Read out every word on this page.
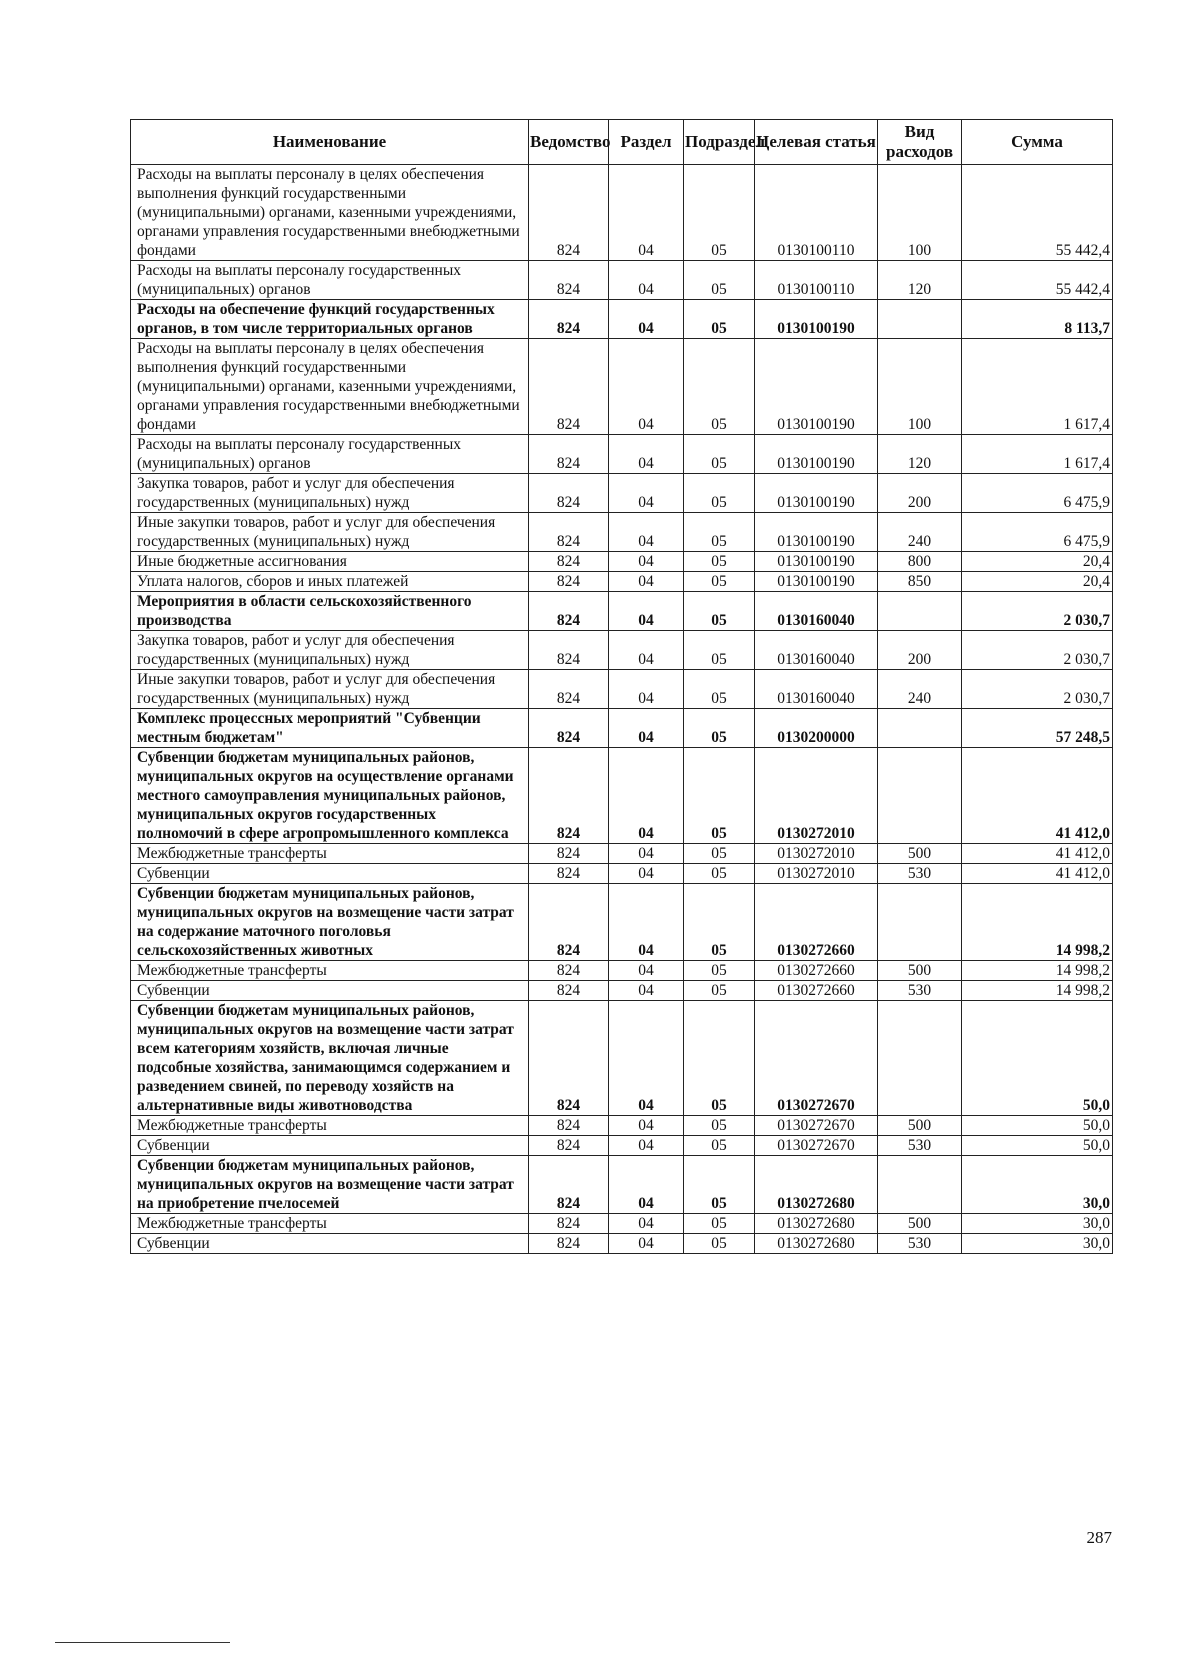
Наименование	Ведомство	Раздел	Подраздел	Целевая статья	Вид расходов	Сумма
Расходы на выплаты персоналу в целях обеспечения выполнения функций государственными (муниципальными) органами, казенными учреждениями, органами управления государственными внебюджетными фондами	824	04	05	0130100110	100	55 442,4
Расходы на выплаты персоналу государственных (муниципальных) органов	824	04	05	0130100110	120	55 442,4
Расходы на обеспечение функций государственных органов, в том числе территориальных органов	824	04	05	0130100190		8 113,7
Расходы на выплаты персоналу в целях обеспечения выполнения функций государственными (муниципальными) органами, казенными учреждениями, органами управления государственными внебюджетными фондами	824	04	05	0130100190	100	1 617,4
Расходы на выплаты персоналу государственных (муниципальных) органов	824	04	05	0130100190	120	1 617,4
Закупка товаров, работ и услуг для обеспечения государственных (муниципальных) нужд	824	04	05	0130100190	200	6 475,9
Иные закупки товаров, работ и услуг для обеспечения государственных (муниципальных) нужд	824	04	05	0130100190	240	6 475,9
Иные бюджетные ассигнования	824	04	05	0130100190	800	20,4
Уплата налогов, сборов и иных платежей	824	04	05	0130100190	850	20,4
Мероприятия в области сельскохозяйственного производства	824	04	05	0130160040		2 030,7
Закупка товаров, работ и услуг для обеспечения государственных (муниципальных) нужд	824	04	05	0130160040	200	2 030,7
Иные закупки товаров, работ и услуг для обеспечения государственных (муниципальных) нужд	824	04	05	0130160040	240	2 030,7
Комплекс процессных мероприятий "Субвенции местным бюджетам"	824	04	05	0130200000		57 248,5
Субвенции бюджетам муниципальных районов, муниципальных округов на осуществление органами местного самоуправления муниципальных районов, муниципальных округов государственных полномочий в сфере агропромышленного комплекса	824	04	05	0130272010		41 412,0
Межбюджетные трансферты	824	04	05	0130272010	500	41 412,0
Субвенции	824	04	05	0130272010	530	41 412,0
Субвенции бюджетам муниципальных районов, муниципальных округов на возмещение части затрат на содержание маточного поголовья сельскохозяйственных животных	824	04	05	0130272660		14 998,2
Межбюджетные трансферты	824	04	05	0130272660	500	14 998,2
Субвенции	824	04	05	0130272660	530	14 998,2
Субвенции бюджетам муниципальных районов, муниципальных округов на возмещение части затрат всем категориям хозяйств, включая личные подсобные хозяйства, занимающимся содержанием и разведением свиней, по переводу хозяйств на альтернативные виды животноводства	824	04	05	0130272670		50,0
Межбюджетные трансферты	824	04	05	0130272670	500	50,0
Субвенции	824	04	05	0130272670	530	50,0
Субвенции бюджетам муниципальных районов, муниципальных округов на возмещение части затрат на приобретение пчелосемей	824	04	05	0130272680		30,0
Межбюджетные трансферты	824	04	05	0130272680	500	30,0
Субвенции	824	04	05	0130272680	530	30,0
287
